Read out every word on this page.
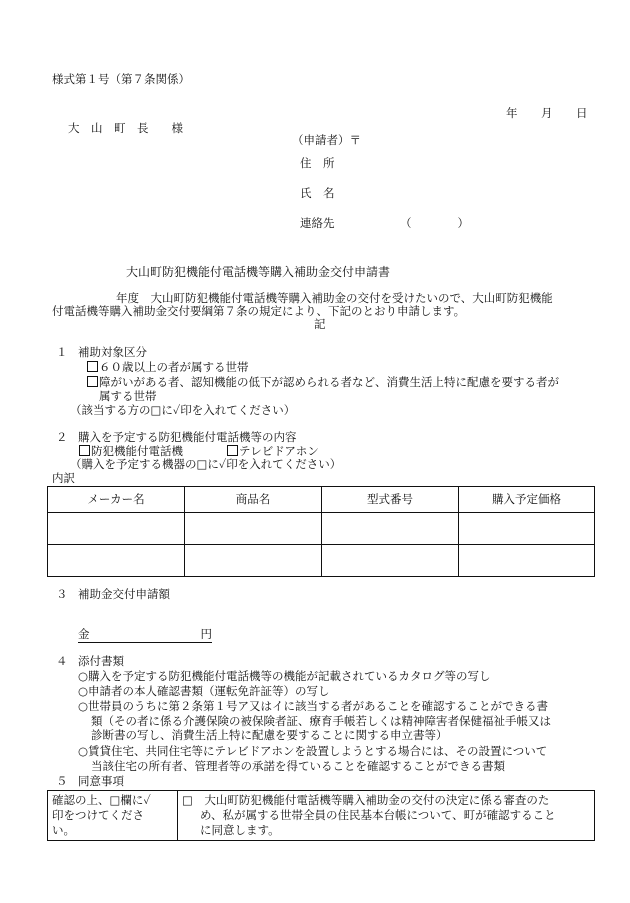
様式第１号（第７条関係）
年 月 日
大　山　町　長　　様
（申請者）〒
住　所
氏　名
連絡先	（　　　　）
大山町防犯機能付電話機等購入補助金交付申請書
年度　大山町防犯機能付電話機等購入補助金の交付を受けたいので、大山町防犯機能
付電話機等購入補助金交付要綱第７条の規定により、下記のとおり申請します。
記
１ 補助対象区分
６０歳以上の者が属する世帯
障がいがある者、認知機能の低下が認められる者など、消費生活上特に配慮を要する者が
属する世帯
（該当する方の□に✓印を入れてください）
２ 購入を予定する防犯機能付電話機等の内容
防犯機能付電話機	テレビドアホン
（購入を予定する機器の□に✓印を入れてください）
内訳
メーカー名	商品名	型式番号	購入予定価格

３ 補助金交付申請額
金	円
４ 添付書類
○購入を予定する防犯機能付電話機等の機能が記載されているカタログ等の写し
○申請者の本人確認書類（運転免許証等）の写し
○世帯員のうちに第２条第１号ア又はイに該当する者があることを確認することができる書
類（その者に係る介護保険の被保険者証、療育手帳若しくは精神障害者保健福祉手帳又は
診断書の写し、消費生活上特に配慮を要することに関する申立書等）
○賃貸住宅、共同住宅等にテレビドアホンを設置しようとする場合には、その設置について
当該住宅の所有者、管理者等の承諾を得ていることを確認することができる書類
５ 同意事項
確認の上、□欄に✓
印をつけてくださ
い。

□　大山町防犯機能付電話機等購入補助金の交付の決定に係る審査のた
め、私が属する世帯全員の住民基本台帳について、町が確認すること
に同意します。
